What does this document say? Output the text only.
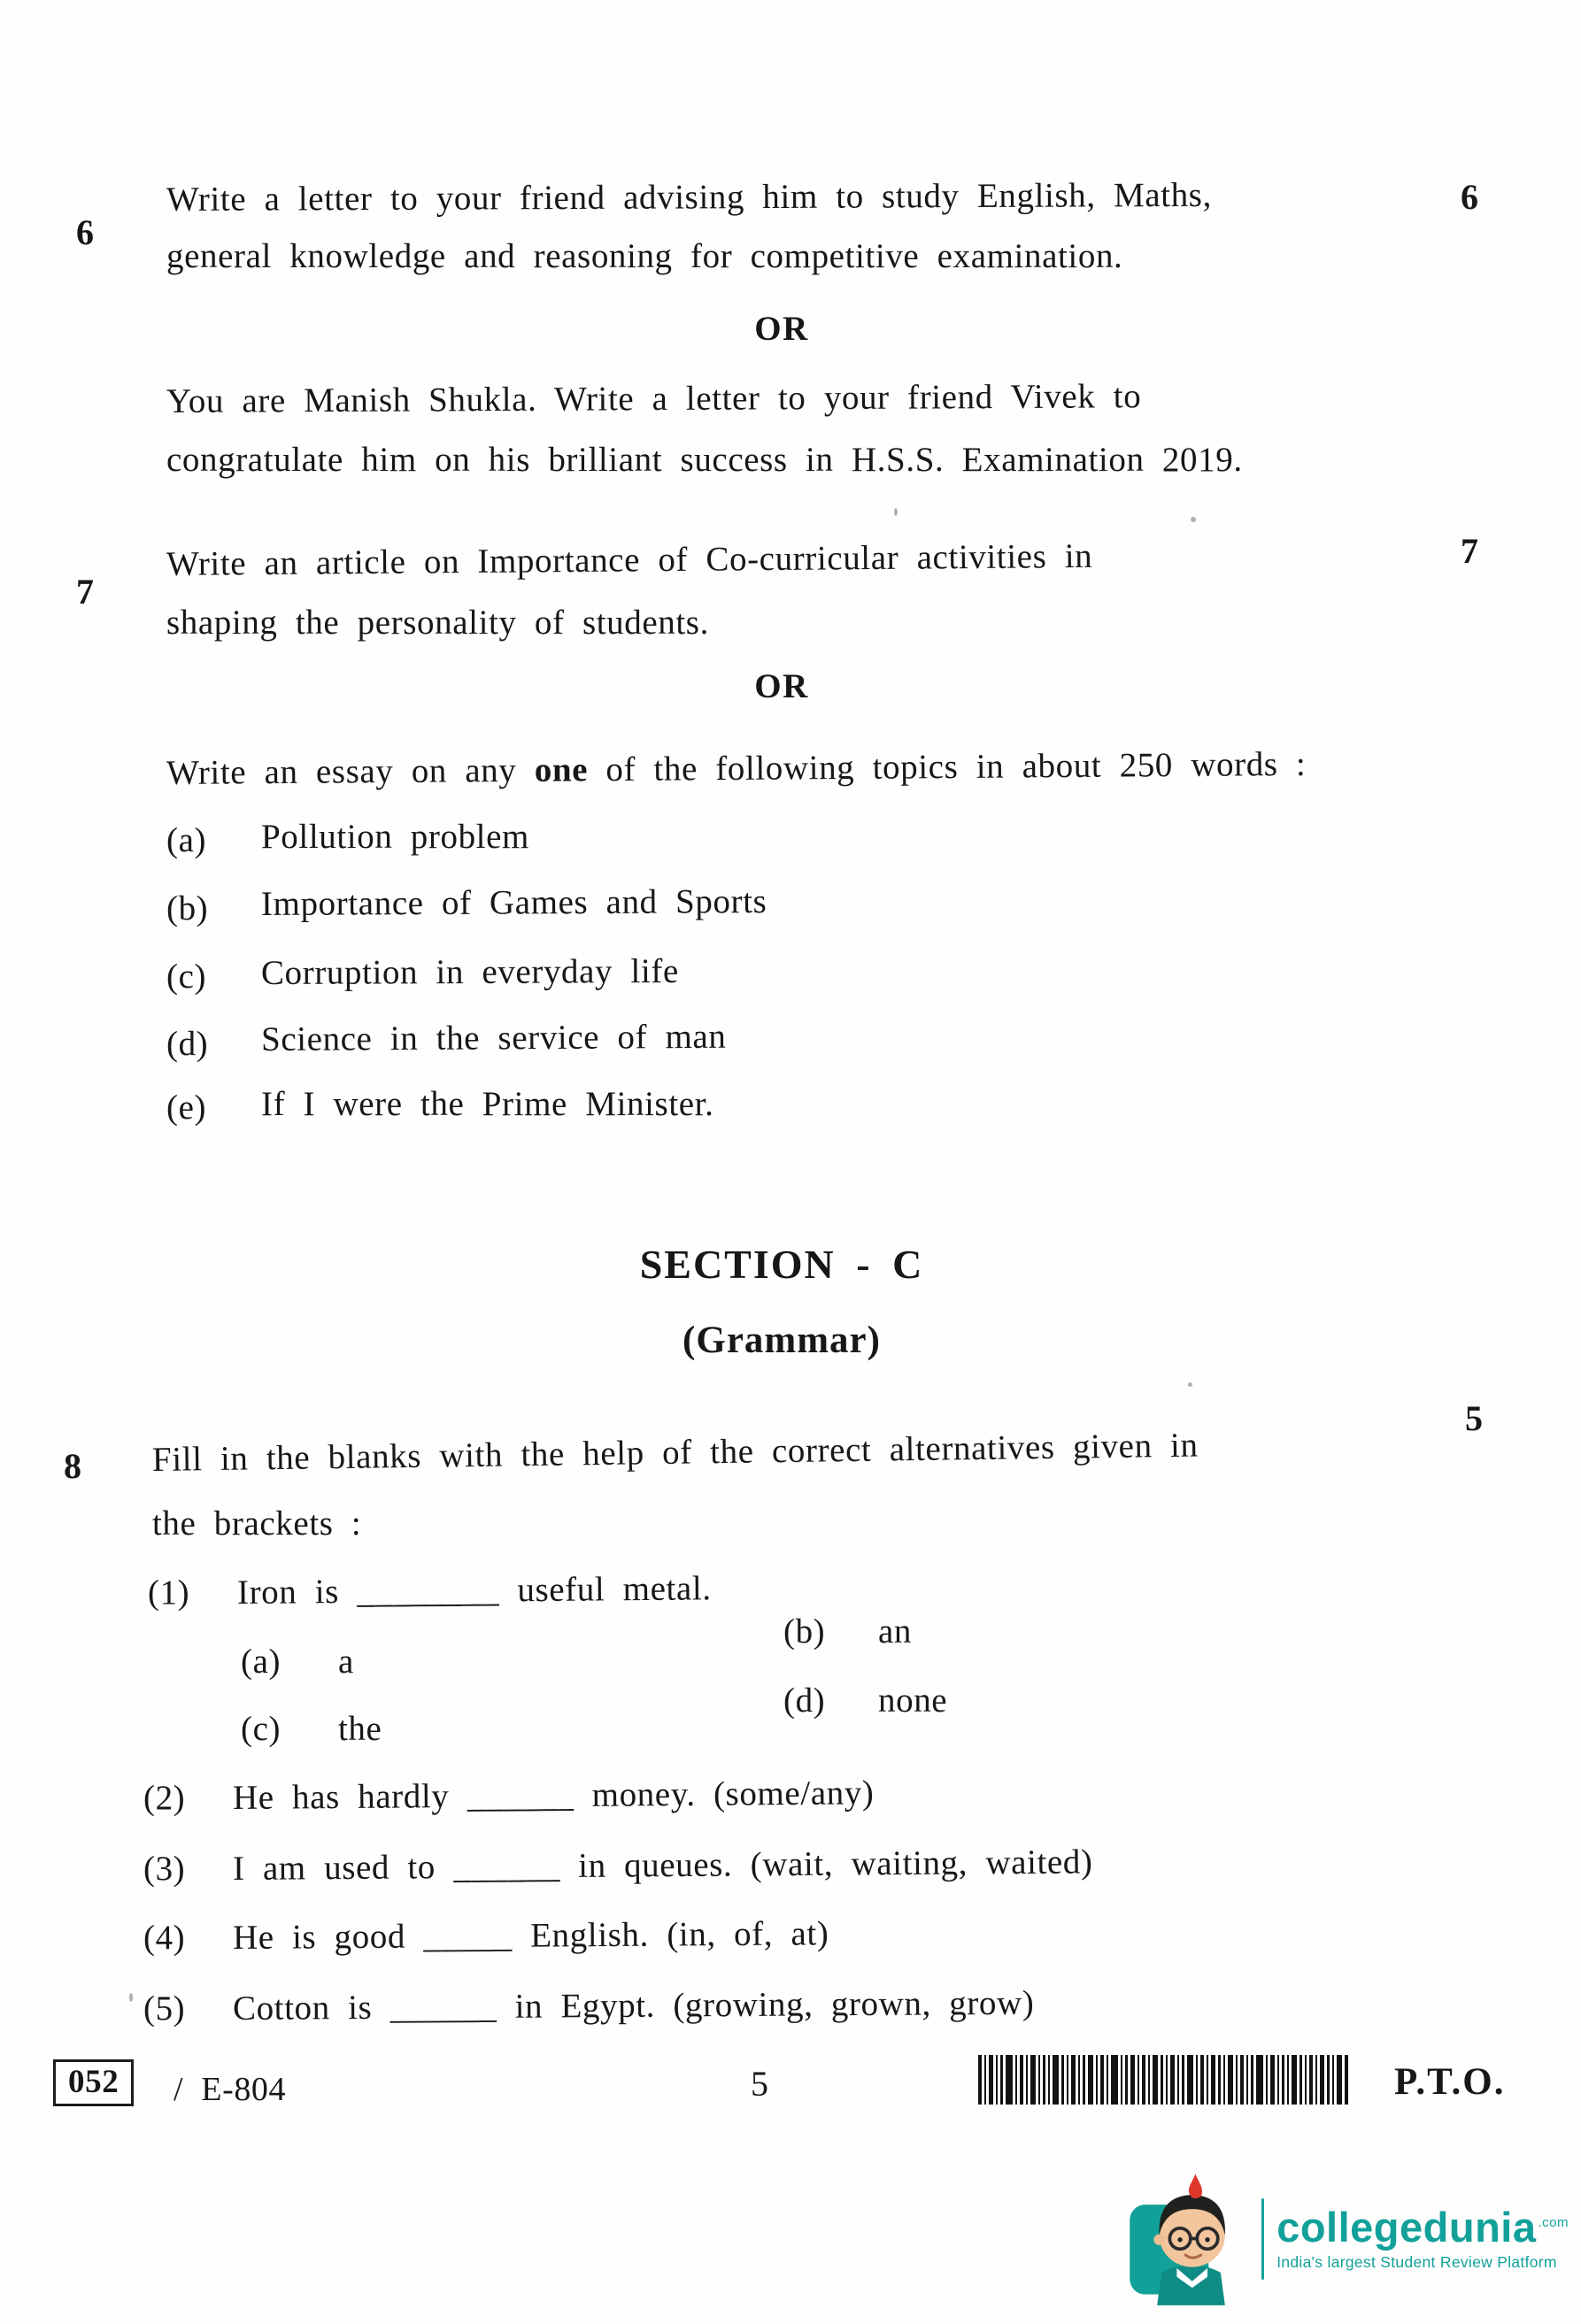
6
6
Write a letter to your friend advising him to study English, Maths,
general knowledge and reasoning for competitive examination.
OR
You are Manish Shukla. Write a letter to your friend Vivek to
congratulate him on his brilliant success in H.S.S. Examination 2019.
7
7
Write an article on Importance of Co-curricular activities in
shaping the personality of students.
OR
Write an essay on any one of the following topics in about 250 words :
(a) Pollution problem
(b) Importance of Games and Sports
(c) Corruption in everyday life
(d) Science in the service of man
(e) If I were the Prime Minister.
SECTION - C
(Grammar)
8
5
Fill in the blanks with the help of the correct alternatives given in
the brackets :
(1) Iron is ________ useful metal.
(b) an
(a) a
(d) none
(c) the
(2) He has hardly ______ money. (some/any)
(3) I am used to ______ in queues. (wait, waiting, waited)
(4) He is good _____ English. (in, of, at)
(5) Cotton is ______ in Egypt. (growing, grown, grow)
052	/ E-804	5	P.T.O.
collegedunia $^{.com}$
India's largest Student Review Platform
